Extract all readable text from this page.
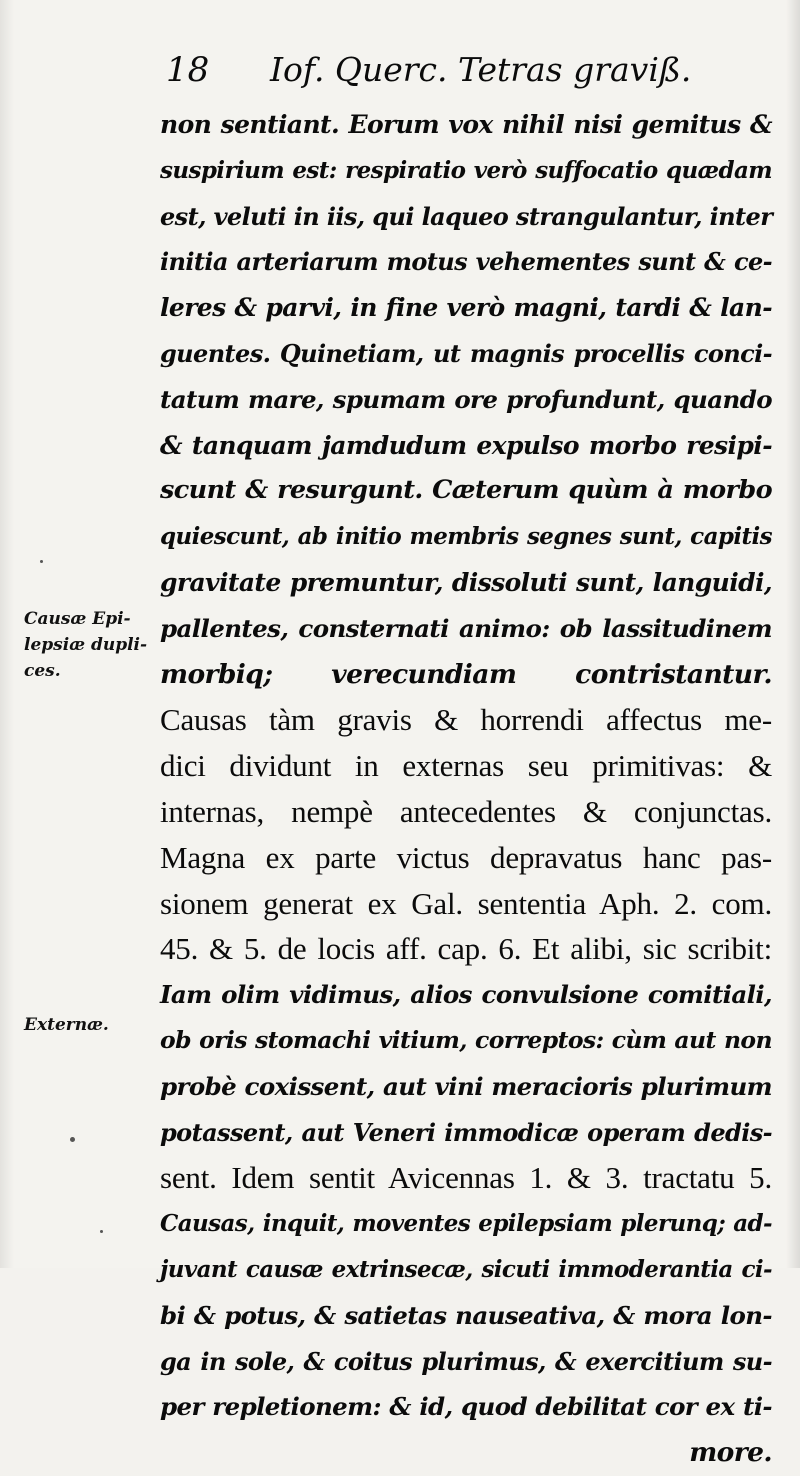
18 Iof. Querc. Tetras graviß.
Causæ Epi-
lepsiæ dupli-
ces.
Externæ.
non sentiant. Eorum vox nihil nisi gemitus &
suspirium est: respiratio verò suffocatio quædam
est, veluti in iis, qui laqueo strangulantur, inter
initia arteriarum motus vehementes sunt & ce-
leres & parvi, in fine verò magni, tardi & lan-
guentes. Quinetiam, ut magnis procellis conci-
tatum mare, spumam ore profundunt, quando
& tanquam jamdudum expulso morbo resipi-
scunt & resurgunt. Cæterum quùm à morbo
quiescunt, ab initio membris segnes sunt, capitis
gravitate premuntur, dissoluti sunt, languidi,
pallentes, consternati animo: ob lassitudinem
morbiq; verecundiam contristantur.
Causas tàm gravis & horrendi affectus me-
dici dividunt in externas seu primitivas: &
internas, nempè antecedentes & conjunctas.
Magna ex parte victus depravatus hanc pas-
sionem generat ex Gal. sententia Aph. 2. com.
45. & 5. de locis aff. cap. 6. Et alibi, sic scribit:
Iam olim vidimus, alios convulsione comitiali,
ob oris stomachi vitium, correptos: cùm aut non
probè coxissent, aut vini meracioris plurimum
potassent, aut Veneri immodicæ operam dedis-
sent. Idem sentit Avicennas 1. & 3. tractatu 5.
Causas, inquit, moventes epilepsiam plerunq; ad-
juvant causæ extrinsecæ, sicuti immoderantia ci-
bi & potus, & satietas nauseativa, & mora lon-
ga in sole, & coitus plurimus, & exercitium su-
per repletionem: & id, quod debilitat cor ex ti-
more.
